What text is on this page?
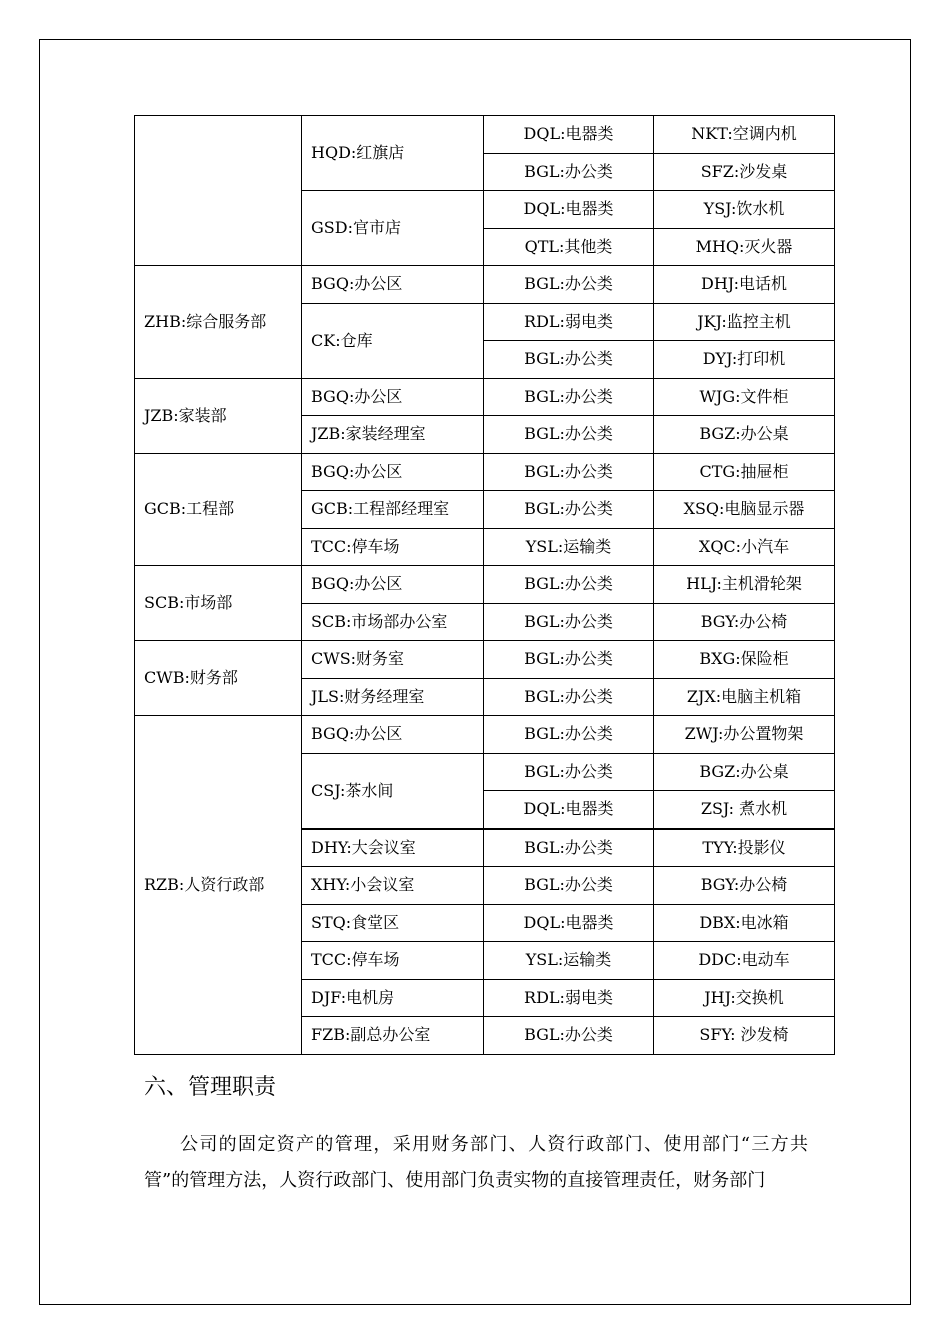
	HQD:红旗店	DQL:电器类	NKT:空调内机
		BGL:办公类	SFZ:沙发桌
	GSD:官市店	DQL:电器类	YSJ:饮水机
		QTL:其他类	MHQ:灭火器
ZHB:综合服务部	BGQ:办公区	BGL:办公类	DHJ:电话机
	CK:仓库	RDL:弱电类	JKJ:监控主机
		BGL:办公类	DYJ:打印机
JZB:家装部	BGQ:办公区	BGL:办公类	WJG:文件柜
	JZB:家装经理室	BGL:办公类	BGZ:办公桌
GCB:工程部	BGQ:办公区	BGL:办公类	CTG:抽屉柜
	GCB:工程部经理室	BGL:办公类	XSQ:电脑显示器
	TCC:停车场	YSL:运输类	XQC:小汽车
SCB:市场部	BGQ:办公区	BGL:办公类	HLJ:主机滑轮架
	SCB:市场部办公室	BGL:办公类	BGY:办公椅
CWB:财务部	CWS:财务室	BGL:办公类	BXG:保险柜
	JLS:财务经理室	BGL:办公类	ZJX:电脑主机箱
RZB:人资行政部	BGQ:办公区	BGL:办公类	ZWJ:办公置物架
	CSJ:茶水间	BGL:办公类	BGZ:办公桌
		DQL:电器类	ZSJ: 煮水机
	DHY:大会议室	BGL:办公类	TYY:投影仪
	XHY:小会议室	BGL:办公类	BGY:办公椅
	STQ:食堂区	DQL:电器类	DBX:电冰箱
	TCC:停车场	YSL:运输类	DDC:电动车
	DJF:电机房	RDL:弱电类	JHJ:交换机
	FZB:副总办公室	BGL:办公类	SFY: 沙发椅
六、管理职责

公司的固定资产的管理，采用财务部门、人资行政部门、使用部门“三方共管”的管理方法，人资行政部门、使用部门负责实物的直接管理责任，财务部门
